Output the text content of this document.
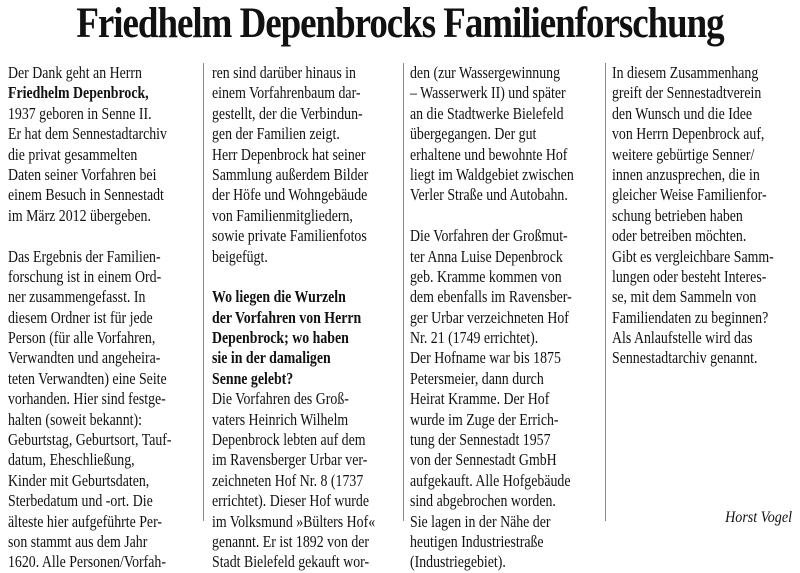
Friedhelm Depenbrocks Familienforschung
Der Dank geht an Herrn
Friedhelm Depenbrock,
1937 geboren in Senne II.
Er hat dem Sennestadtarchiv
die privat gesammelten
Daten seiner Vorfahren bei
einem Besuch in Sennestadt
im März 2012 übergeben.
Das Ergebnis der Familien-
forschung ist in einem Ord-
ner zusammengefasst. In
diesem Ordner ist für jede
Person (für alle Vorfahren,
Verwandten und angeheira-
teten Verwandten) eine Seite
vorhanden. Hier sind festge-
halten (soweit bekannt):
Geburtstag, Geburtsort, Tauf-
datum, Eheschließung,
Kinder mit Geburtsdaten,
Sterbedatum und -ort. Die
älteste hier aufgeführte Per-
son stammt aus dem Jahr
1620. Alle Personen/Vorfah-
ren sind darüber hinaus in
einem Vorfahrenbaum dar-
gestellt, der die Verbindun-
gen der Familien zeigt.
Herr Depenbrock hat seiner
Sammlung außerdem Bilder
der Höfe und Wohngebäude
von Familienmitgliedern,
sowie private Familienfotos
beigefügt.
Wo liegen die Wurzeln
der Vorfahren von Herrn
Depenbrock; wo haben
sie in der damaligen
Senne gelebt?
Die Vorfahren des Groß-
vaters Heinrich Wilhelm
Depenbrock lebten auf dem
im Ravensberger Urbar ver-
zeichneten Hof Nr. 8 (1737
errichtet). Dieser Hof wurde
im Volksmund »Bülters Hof«
genannt. Er ist 1892 von der
Stadt Bielefeld gekauft wor-
den (zur Wassergewinnung
– Wasserwerk II) und später
an die Stadtwerke Bielefeld
übergegangen. Der gut
erhaltene und bewohnte Hof
liegt im Waldgebiet zwischen
Verler Straße und Autobahn.
Die Vorfahren der Großmut-
ter Anna Luise Depenbrock
geb. Kramme kommen von
dem ebenfalls im Ravensber-
ger Urbar verzeichneten Hof
Nr. 21 (1749 errichtet).
Der Hofname war bis 1875
Petersmeier, dann durch
Heirat Kramme. Der Hof
wurde im Zuge der Errich-
tung der Sennestadt 1957
von der Sennestadt GmbH
aufgekauft. Alle Hofgebäude
sind abgebrochen worden.
Sie lagen in der Nähe der
heutigen Industriestraße
(Industriegebiet).
In diesem Zusammenhang
greift der Sennestadtverein
den Wunsch und die Idee
von Herrn Depenbrock auf,
weitere gebürtige Senner/
innen anzusprechen, die in
gleicher Weise Familienfor-
schung betrieben haben
oder betreiben möchten.
Gibt es vergleichbare Samm-
lungen oder besteht Interes-
se, mit dem Sammeln von
Familiendaten zu beginnen?
Als Anlaufstelle wird das
Sennestadtarchiv genannt.
Horst Vogel
